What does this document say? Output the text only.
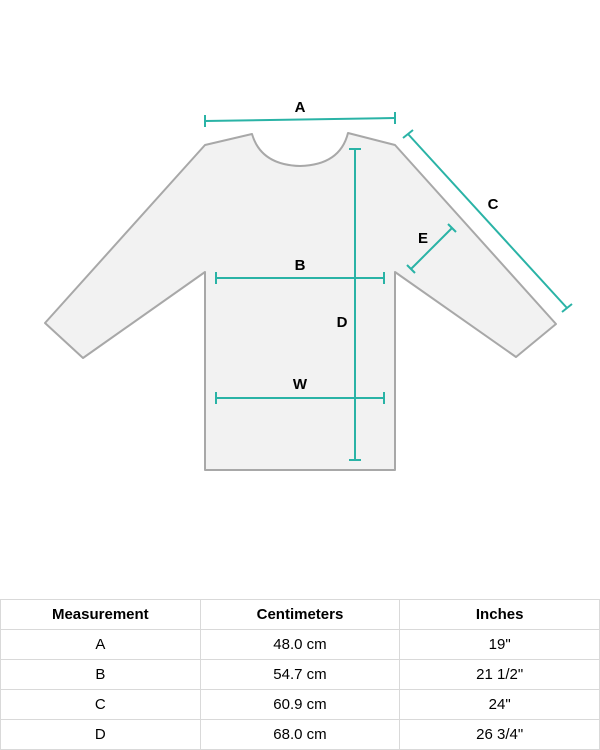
A
B
C
D
E
W
Measurement	Centimeters	Inches
A	48.0 cm	19"
B	54.7 cm	21 1/2"
C	60.9 cm	24"
D	68.0 cm	26 3/4"
